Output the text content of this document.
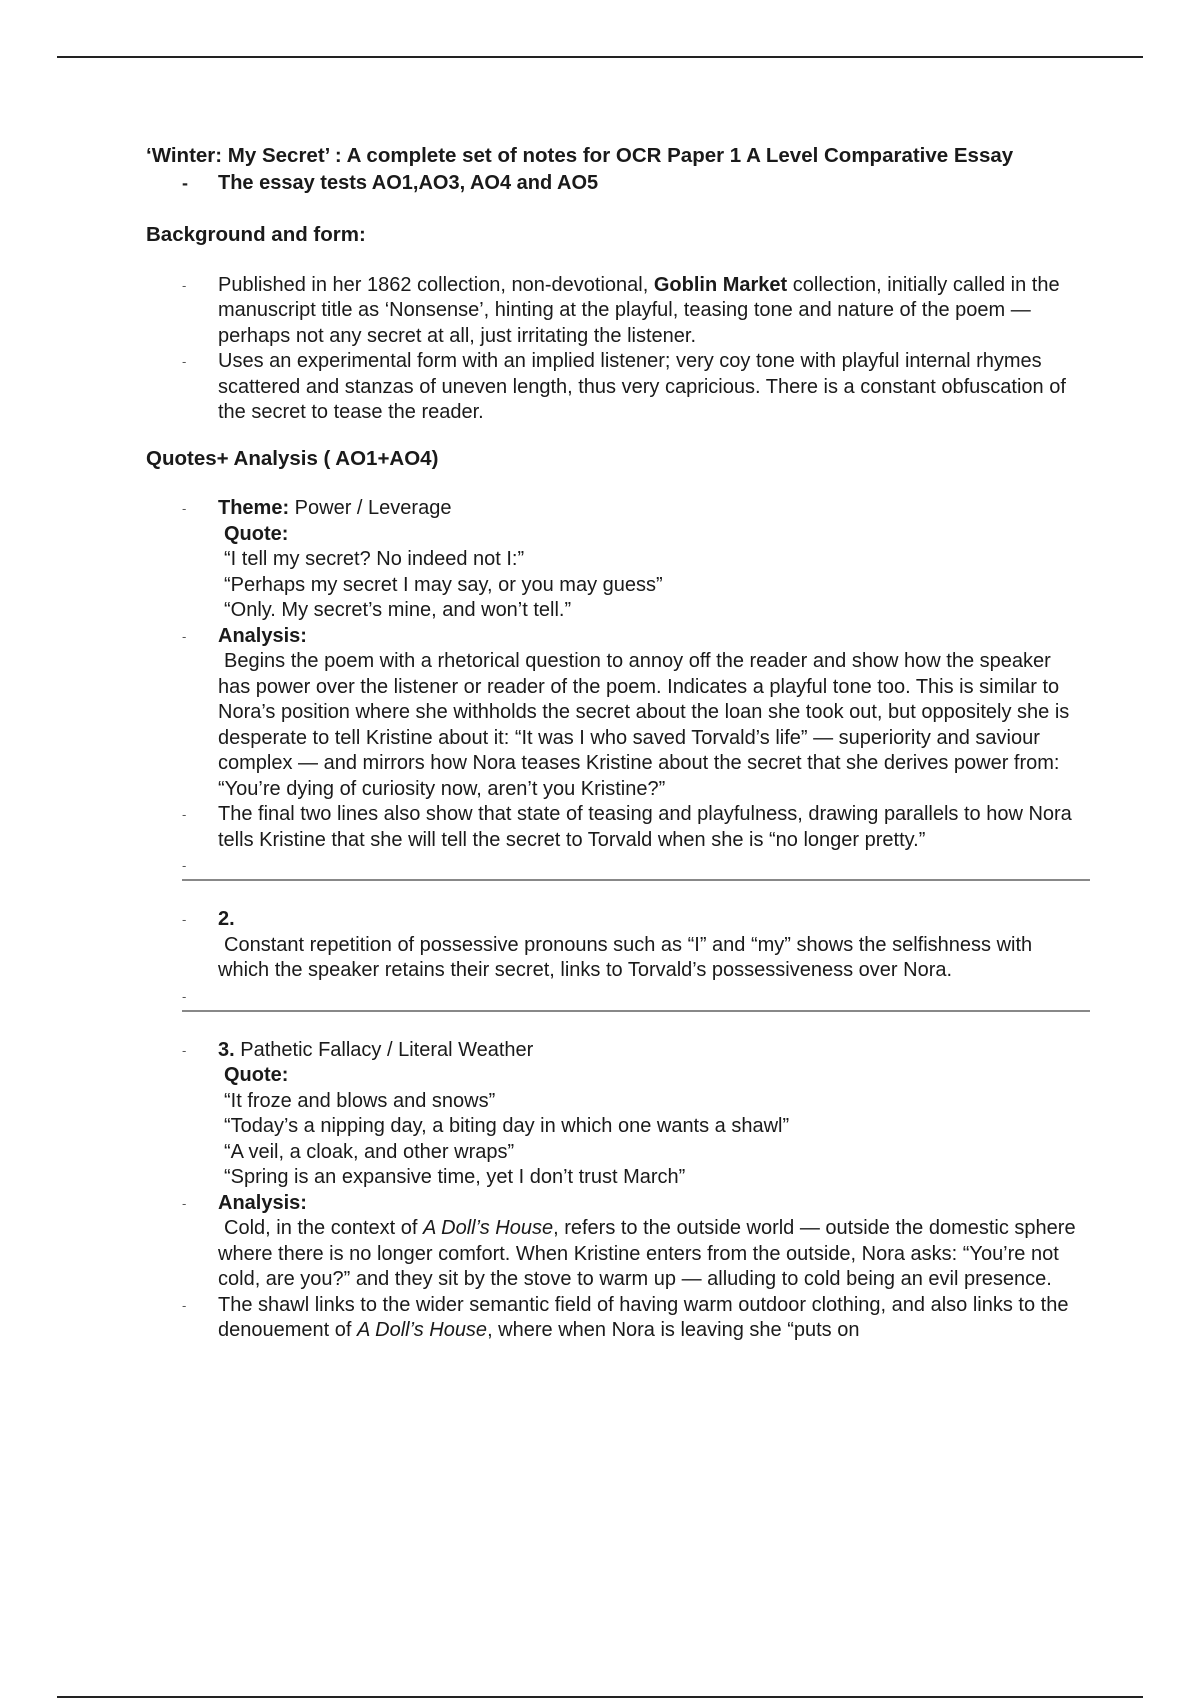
‘Winter: My Secret’ : A complete set of notes for OCR Paper 1 A Level Comparative Essay

- The essay tests AO1,AO3, AO4 and AO5
Background and form:
- Published in her 1862 collection, non-devotional, Goblin Market collection, initially called in the manuscript title as ‘Nonsense’, hinting at the playful, teasing tone and nature of the poem — perhaps not any secret at all, just irritating the listener.
- Uses an experimental form with an implied listener; very coy tone with playful internal rhymes scattered and stanzas of uneven length, thus very capricious. There is a constant obfuscation of the secret to tease the reader.
Quotes+ Analysis ( AO1+AO4)
- Theme: Power / Leverage
Quote:
“I tell my secret? No indeed not I:”
“Perhaps my secret I may say, or you may guess”
“Only. My secret’s mine, and won’t tell.”
- Analysis:
Begins the poem with a rhetorical question to annoy off the reader and show how the speaker has power over the listener or reader of the poem. Indicates a playful tone too. This is similar to Nora’s position where she withholds the secret about the loan she took out, but oppositely she is desperate to tell Kristine about it: “It was I who saved Torvald’s life” — superiority and saviour complex — and mirrors how Nora teases Kristine about the secret that she derives power from: “You’re dying of curiosity now, aren’t you Kristine?”
- The final two lines also show that state of teasing and playfulness, drawing parallels to how Nora tells Kristine that she will tell the secret to Torvald when she is “no longer pretty.”
-
- 2.
Constant repetition of possessive pronouns such as “I” and “my” shows the selfishness with which the speaker retains their secret, links to Torvald’s possessiveness over Nora.
-
- 3. Pathetic Fallacy / Literal Weather
Quote:
“It froze and blows and snows”
“Today’s a nipping day, a biting day in which one wants a shawl”
“A veil, a cloak, and other wraps”
“Spring is an expansive time, yet I don’t trust March”
- Analysis:
Cold, in the context of A Doll’s House, refers to the outside world — outside the domestic sphere where there is no longer comfort. When Kristine enters from the outside, Nora asks: “You’re not cold, are you?” and they sit by the stove to warm up — alluding to cold being an evil presence.
- The shawl links to the wider semantic field of having warm outdoor clothing, and also links to the denouement of A Doll’s House, where when Nora is leaving she “puts on
